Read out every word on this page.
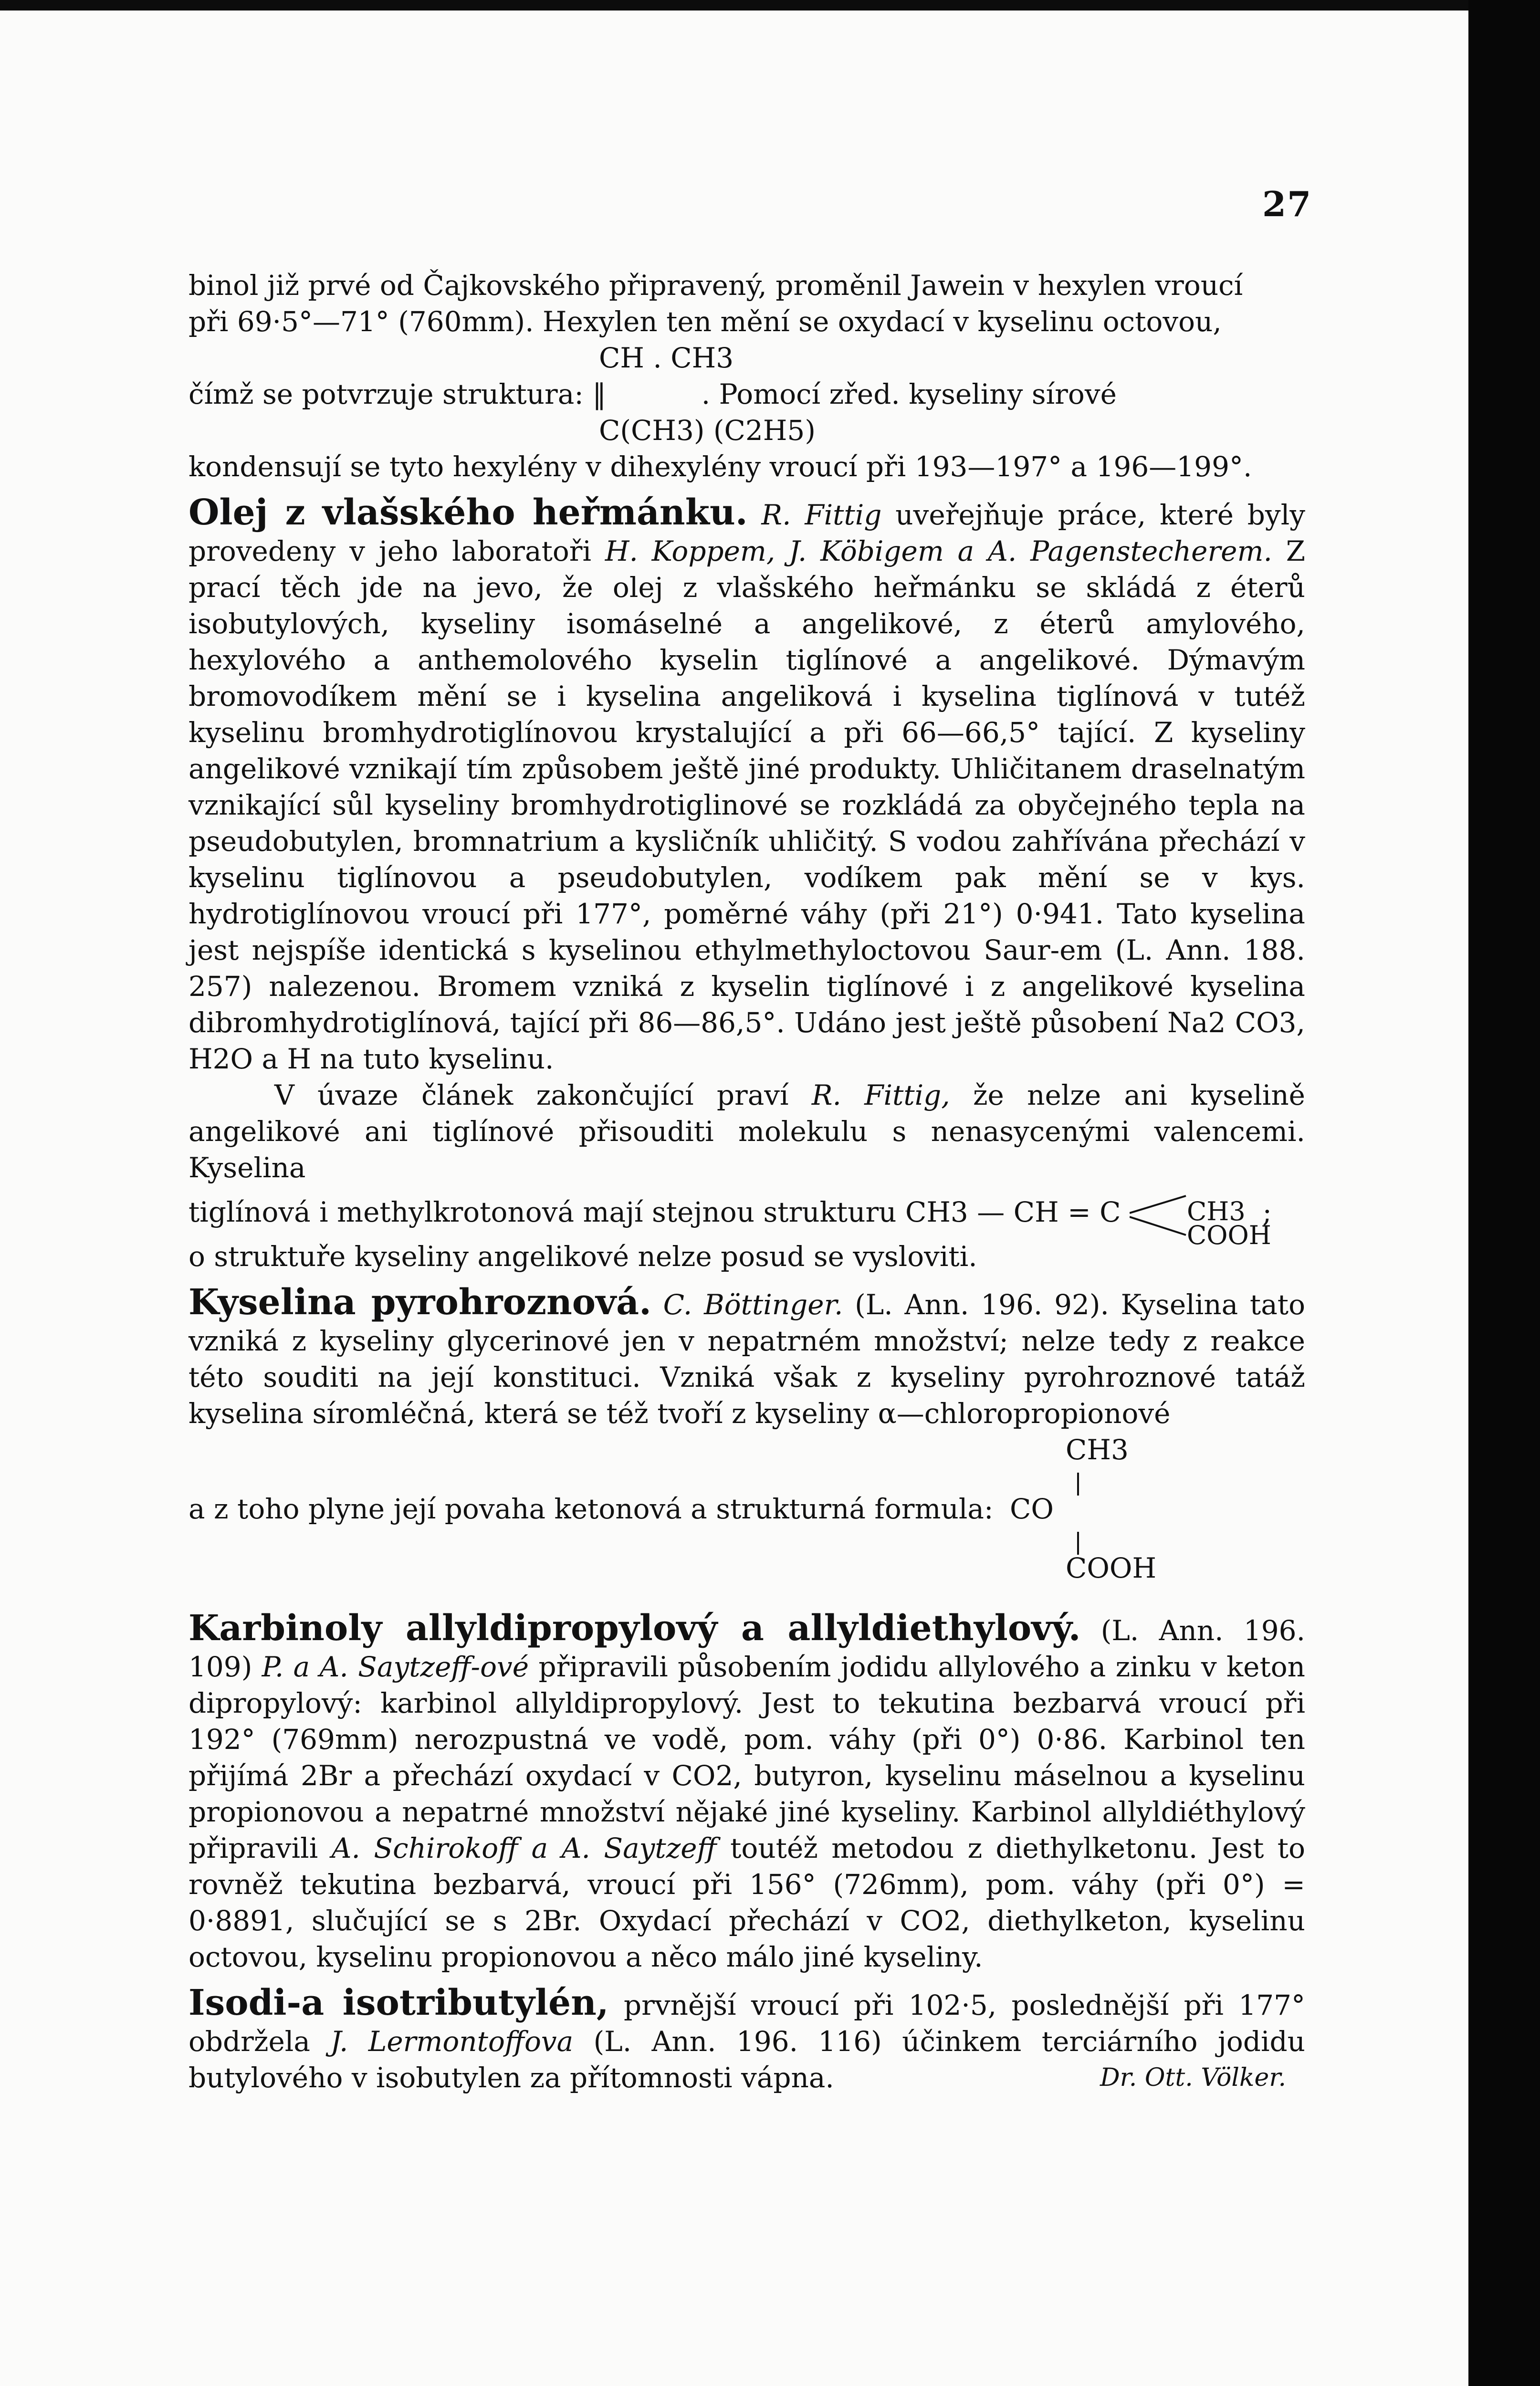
27

binol již prvé od Čajkovského připravený, proměnil Jawein v hexylen vroucí

při 69·5°—71° (760mm). Hexylen ten mění se oxydací v kyselinu octovou,

CH . CH3

čímž se potvrzuje struktura: ‖	. Pomocí zřed. kyseliny sírové

C(CH3) (C2H5)

kondensují se tyto hexylény v dihexylény vroucí při 193—197° a 196—199°.

Olej z vlašského heřmánku. R. Fittig uveřejňuje práce, které byly provedeny v jeho laboratoři H. Koppem, J. Köbigem a A. Pagenstecherem. Z prací těch jde na jevo, že olej z vlašského heřmánku se skládá z éterů isobutylových, kyseliny isomáselné a angelikové, z éterů amylového, hexylového a anthemolového kyselin tiglínové a angelikové. Dýmavým bromovodíkem mění se i kyselina angeliková i kyselina tiglínová v tutéž kyselinu bromhydrotiglínovou krystalující a při 66—66,5° tající. Z kyseliny angelikové vznikají tím způsobem ještě jiné produkty. Uhličitanem draselnatým vznikající sůl kyseliny bromhydrotiglinové se rozkládá za obyčejného tepla na pseudobutylen, bromnatrium a kysličník uhličitý. S vodou zahřívána přechází v kyselinu tiglínovou a pseudobutylen, vodíkem pak mění se v kys. hydrotiglínovou vroucí při 177°, poměrné váhy (při 21°) 0·941. Tato kyselina jest nejspíše identická s kyselinou ethylmethyloctovou Saur-em (L. Ann. 188. 257) nalezenou. Bromem vzniká z kyselin tiglínové i z angelikové kyselina dibromhydrotiglínová, tající při 86—86,5°. Udáno jest ještě působení Na2 CO3, H2O a H na tuto kyselinu.

V úvaze článek zakončující praví R. Fittig, že nelze ani kyselině angelikové ani tiglínové přisouditi molekulu s nenasycenými valencemi. Kyselina

tiglínová i methylkrotonová mají stejnou strukturu CH3 — CH = C	CH3
COOH
;

o struktuře kyseliny angelikové nelze posud se vysloviti.

Kyselina pyrohroznová. C. Böttinger. (L. Ann. 196. 92). Kyselina tato vzniká z kyseliny glycerinové jen v nepatrném množství; nelze tedy z reakce této souditi na její konstituci. Vzniká však z kyseliny pyrohroznové tatáž kyselina síromléčná, která se též tvoří z kyseliny α—chloropropionové

CH3

a z toho plyne její povaha ketonová a strukturná formula: CO

COOH

Karbinoly allyldipropylový a allyldiethylový. (L. Ann. 196. 109) P. a A. Saytzeff-ové připravili působením jodidu allylového a zinku v keton dipropylový: karbinol allyldipropylový. Jest to tekutina bezbarvá vroucí při 192° (769mm) nerozpustná ve vodě, pom. váhy (při 0°) 0·86. Karbinol ten přijímá 2Br a přechází oxydací v CO2, butyron, kyselinu máselnou a kyselinu propionovou a nepatrné množství nějaké jiné kyseliny. Karbinol allyldiéthylový připravili A. Schirokoff a A. Saytzeff toutéž metodou z diethylketonu. Jest to rovněž tekutina bezbarvá, vroucí při 156° (726mm), pom. váhy (při 0°) = 0·8891, slučující se s 2Br. Oxydací přechází v CO2, diethylketon, kyselinu octovou, kyselinu propionovou a něco málo jiné kyseliny.

Isodi-a isotributylén, prvnější vroucí při 102·5, poslednější při 177° obdržela J. Lermontoffova (L. Ann. 196. 116) účinkem terciárního jodidu butylového v isobutylen za přítomnosti vápna.	Dr. Ott. Völker.
